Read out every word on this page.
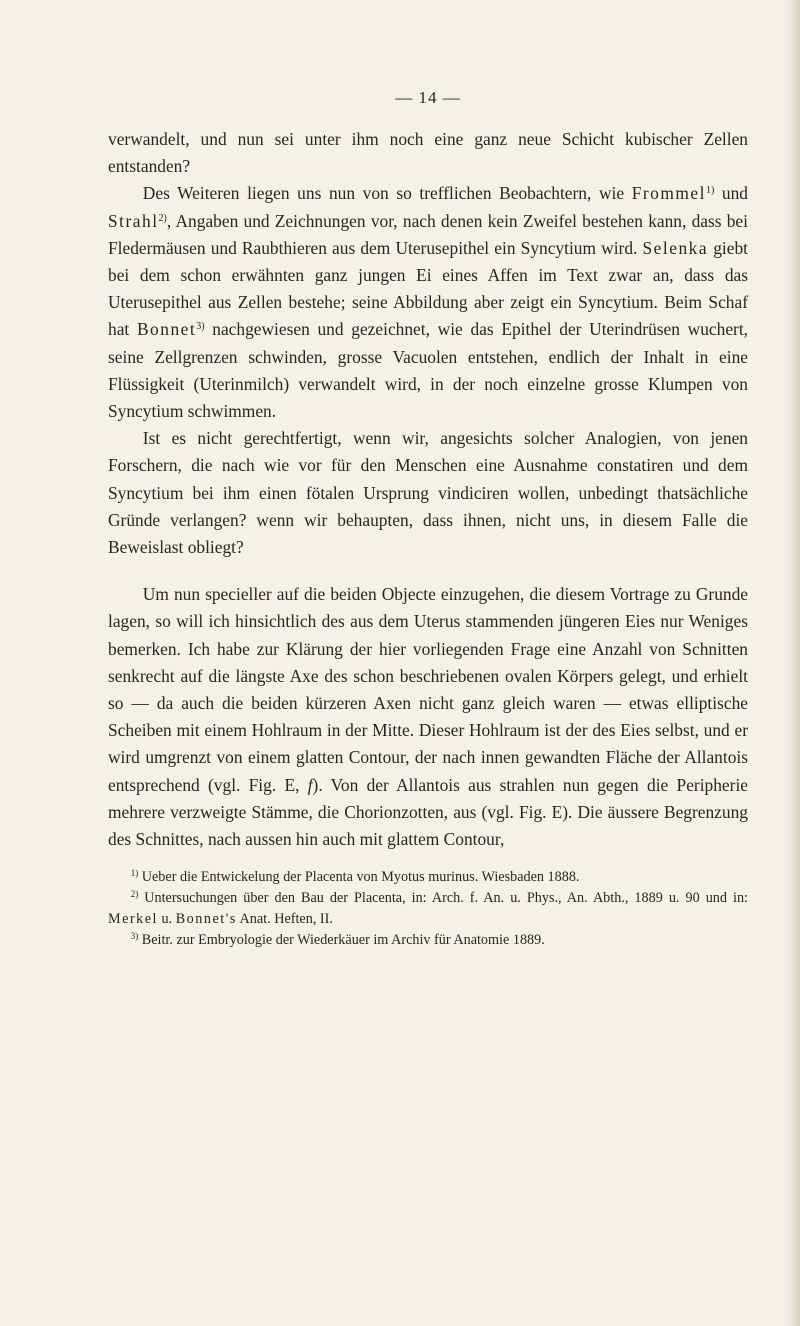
— 14 —

verwandelt, und nun sei unter ihm noch eine ganz neue Schicht kubischer Zellen entstanden?

Des Weiteren liegen uns nun von so trefflichen Beobachtern, wie Frommel$^{1)}$ und Strahl$^{2)}$, Angaben und Zeichnungen vor, nach denen kein Zweifel bestehen kann, dass bei Fledermäusen und Raubthieren aus dem Uterusepithel ein Syncytium wird. Selenka giebt bei dem schon erwähnten ganz jungen Ei eines Affen im Text zwar an, dass das Uterusepithel aus Zellen bestehe; seine Abbildung aber zeigt ein Syncytium. Beim Schaf hat Bonnet$^{3)}$ nachgewiesen und gezeichnet, wie das Epithel der Uterindrüsen wuchert, seine Zellgrenzen schwinden, grosse Vacuolen entstehen, endlich der Inhalt in eine Flüssigkeit (Uterinmilch) verwandelt wird, in der noch einzelne grosse Klumpen von Syncytium schwimmen.

Ist es nicht gerechtfertigt, wenn wir, angesichts solcher Analogien, von jenen Forschern, die nach wie vor für den Menschen eine Ausnahme constatiren und dem Syncytium bei ihm einen fötalen Ursprung vindiciren wollen, unbedingt thatsächliche Gründe verlangen? wenn wir behaupten, dass ihnen, nicht uns, in diesem Falle die Beweislast obliegt?

Um nun specieller auf die beiden Objecte einzugehen, die diesem Vortrage zu Grunde lagen, so will ich hinsichtlich des aus dem Uterus stammenden jüngeren Eies nur Weniges bemerken. Ich habe zur Klärung der hier vorliegenden Frage eine Anzahl von Schnitten senkrecht auf die längste Axe des schon beschriebenen ovalen Körpers gelegt, und erhielt so — da auch die beiden kürzeren Axen nicht ganz gleich waren — etwas elliptische Scheiben mit einem Hohlraum in der Mitte. Dieser Hohlraum ist der des Eies selbst, und er wird umgrenzt von einem glatten Contour, der nach innen gewandten Fläche der Allantois entsprechend (vgl. Fig. E, f). Von der Allantois aus strahlen nun gegen die Peripherie mehrere verzweigte Stämme, die Chorionzotten, aus (vgl. Fig. E). Die äussere Begrenzung des Schnittes, nach aussen hin auch mit glattem Contour,

$^{1)}$ Ueber die Entwickelung der Placenta von Myotus murinus. Wiesbaden 1888.

$^{2)}$ Untersuchungen über den Bau der Placenta, in: Arch. f. An. u. Phys., An. Abth., 1889 u. 90 und in: Merkel u. Bonnet's Anat. Heften, II.

$^{3)}$ Beitr. zur Embryologie der Wiederkäuer im Archiv für Anatomie 1889.
